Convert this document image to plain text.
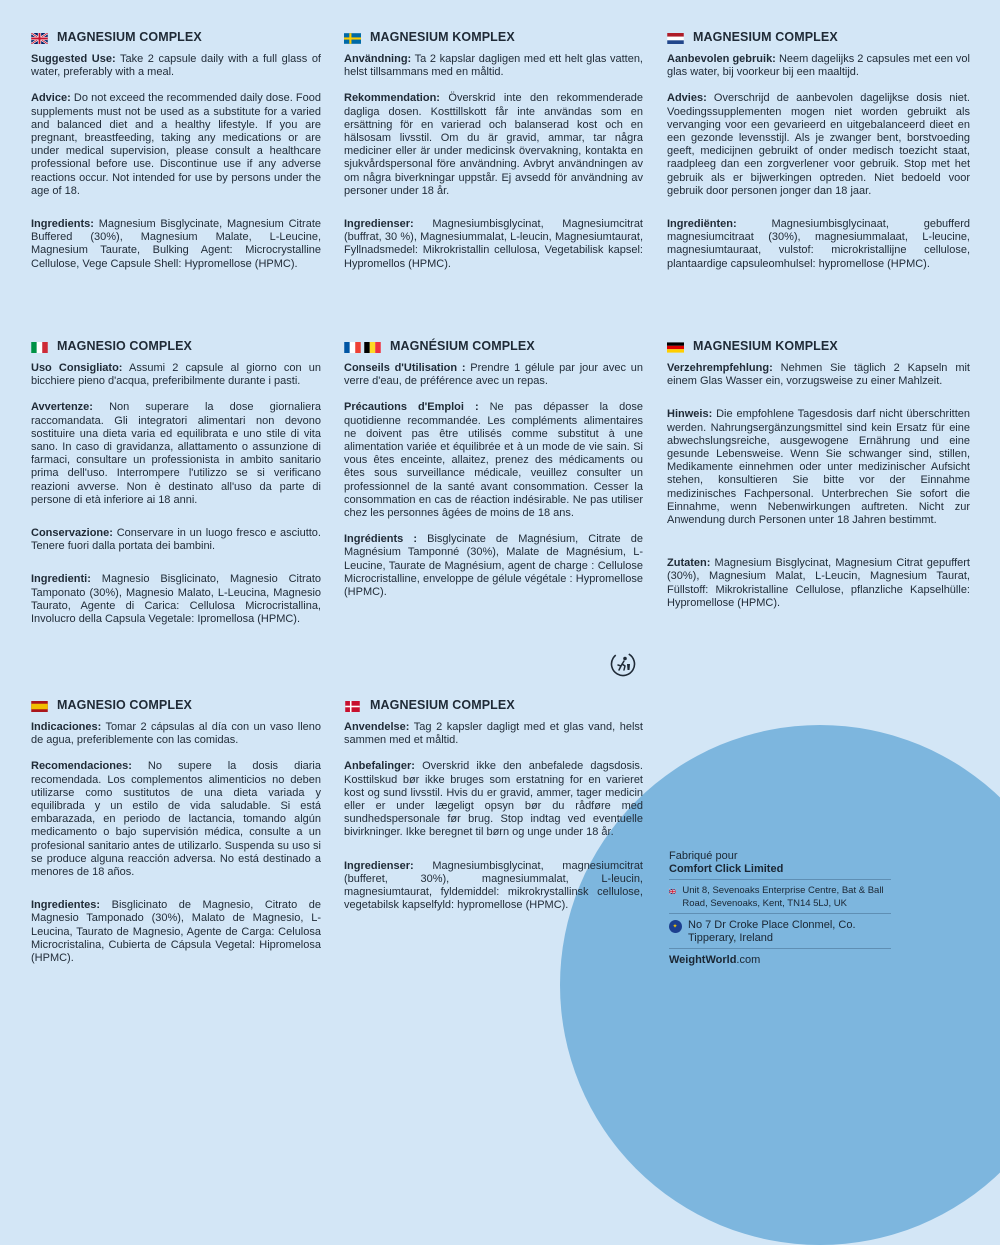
MAGNESIUM COMPLEX

Suggested Use: Take 2 capsule daily with a full glass of water, preferably with a meal.

Advice: Do not exceed the recommended daily dose. Food supplements must not be used as a substitute for a varied and balanced diet and a healthy lifestyle. If you are pregnant, breastfeeding, taking any medications or are under medical supervision, please consult a healthcare professional before use. Discontinue use if any adverse reactions occur. Not intended for use by persons under the age of 18.

Ingredients: Magnesium Bisglycinate, Magnesium Citrate Buffered (30%), Magnesium Malate, L-Leucine, Magnesium Taurate, Bulking Agent: Microcrystalline Cellulose, Vege Capsule Shell: Hypromellose (HPMC).

MAGNESIUM KOMPLEX

Användning: Ta 2 kapslar dagligen med ett helt glas vatten, helst tillsammans med en måltid.

Rekommendation: Överskrid inte den rekommenderade dagliga dosen. Kosttillskott får inte användas som en ersättning för en varierad och balanserad kost och en hälsosam livsstil. Om du är gravid, ammar, tar några mediciner eller är under medicinsk övervakning, kontakta en sjukvårdspersonal före användning. Avbryt användningen av om några biverkningar uppstår. Ej avsedd för användning av personer under 18 år.

Ingredienser: Magnesiumbisglycinat, Magnesiumcitrat (buffrat, 30 %), Magnesiummalat, L-leucin, Magnesiumtaurat, Fyllnadsmedel: Mikrokristallin cellulosa, Vegetabilisk kapsel: Hypromellos (HPMC).

MAGNESIUM COMPLEX

Aanbevolen gebruik: Neem dagelijks 2 capsules met een vol glas water, bij voorkeur bij een maaltijd.

Advies: Overschrijd de aanbevolen dagelijkse dosis niet. Voedingssupplementen mogen niet worden gebruikt als vervanging voor een gevarieerd en uitgebalanceerd dieet en een gezonde levensstijl. Als je zwanger bent, borstvoeding geeft, medicijnen gebruikt of onder medisch toezicht staat, raadpleeg dan een zorgverlener voor gebruik. Stop met het gebruik als er bijwerkingen optreden. Niet bedoeld voor gebruik door personen jonger dan 18 jaar.

Ingrediënten: Magnesiumbisglycinaat, gebufferd magnesiumcitraat (30%), magnesiummalaat, L-leucine, magnesiumtauraat, vulstof: microkristallijne cellulose, plantaardige capsuleomhulsel: hypromellose (HPMC).

MAGNESIO COMPLEX

Uso Consigliato: Assumi 2 capsule al giorno con un bicchiere pieno d'acqua, preferibilmente durante i pasti.

Avvertenze: Non superare la dose giornaliera raccomandata. Gli integratori alimentari non devono sostituire una dieta varia ed equilibrata e uno stile di vita sano. In caso di gravidanza, allattamento o assunzione di farmaci, consultare un professionista in ambito sanitario prima dell'uso. Interrompere l'utilizzo se si verificano reazioni avverse. Non è destinato all'uso da parte di persone di età inferiore ai 18 anni.

Conservazione: Conservare in un luogo fresco e asciutto. Tenere fuori dalla portata dei bambini.

Ingredienti: Magnesio Bisglicinato, Magnesio Citrato Tamponato (30%), Magnesio Malato, L-Leucina, Magnesio Taurato, Agente di Carica: Cellulosa Microcristallina, Involucro della Capsula Vegetale: Ipromellosa (HPMC).

MAGNÉSIUM COMPLEX

Conseils d'Utilisation : Prendre 1 gélule par jour avec un verre d'eau, de préférence avec un repas.

Précautions d'Emploi : Ne pas dépasser la dose quotidienne recommandée. Les compléments alimentaires ne doivent pas être utilisés comme substitut à une alimentation variée et équilibrée et à un mode de vie sain. Si vous êtes enceinte, allaitez, prenez des médicaments ou êtes sous surveillance médicale, veuillez consulter un professionnel de la santé avant consommation. Cesser la consommation en cas de réaction indésirable. Ne pas utiliser chez les personnes âgées de moins de 18 ans.

Ingrédients : Bisglycinate de Magnésium, Citrate de Magnésium Tamponné (30%), Malate de Magnésium, L-Leucine, Taurate de Magnésium, agent de charge : Cellulose Microcristalline, enveloppe de gélule végétale : Hypromellose (HPMC).

MAGNESIUM KOMPLEX

Verzehrempfehlung: Nehmen Sie täglich 2 Kapseln mit einem Glas Wasser ein, vorzugsweise zu einer Mahlzeit.

Hinweis: Die empfohlene Tagesdosis darf nicht überschritten werden. Nahrungsergänzungsmittel sind kein Ersatz für eine abwechslungsreiche, ausgewogene Ernährung und eine gesunde Lebensweise. Wenn Sie schwanger sind, stillen, Medikamente einnehmen oder unter medizinischer Aufsicht stehen, konsultieren Sie bitte vor der Einnahme medizinisches Fachpersonal. Unterbrechen Sie sofort die Einnahme, wenn Nebenwirkungen auftreten. Nicht zur Anwendung durch Personen unter 18 Jahren bestimmt.

Zutaten: Magnesium Bisglycinat, Magnesium Citrat gepuffert (30%), Magnesium Malat, L-Leucin, Magnesium Taurat, Füllstoff: Mikrokristalline Cellulose, pflanzliche Kapselhülle: Hypromellose (HPMC).

MAGNESIO COMPLEX

Indicaciones: Tomar 2 cápsulas al día con un vaso lleno de agua, preferiblemente con las comidas.

Recomendaciones: No supere la dosis diaria recomendada. Los complementos alimenticios no deben utilizarse como sustitutos de una dieta variada y equilibrada y un estilo de vida saludable. Si está embarazada, en periodo de lactancia, tomando algún medicamento o bajo supervisión médica, consulte a un profesional sanitario antes de utilizarlo. Suspenda su uso si se produce alguna reacción adversa. No está destinado a menores de 18 años.

Ingredientes: Bisglicinato de Magnesio, Citrato de Magnesio Tamponado (30%), Malato de Magnesio, L-Leucina, Taurato de Magnesio, Agente de Carga: Celulosa Microcristalina, Cubierta de Cápsula Vegetal: Hipromelosa (HPMC).

MAGNESIUM COMPLEX

Anvendelse: Tag 2 kapsler dagligt med et glas vand, helst sammen med et måltid.

Anbefalinger: Overskrid ikke den anbefalede dagsdosis. Kosttilskud bør ikke bruges som erstatning for en varieret kost og sund livsstil. Hvis du er gravid, ammer, tager medicin eller er under lægeligt opsyn bør du rådføre med sundhedspersonale før brug. Stop indtag ved eventuelle bivirkninger. Ikke beregnet til børn og unge under 18 år.

Ingredienser: Magnesiumbisglycinat, magnesiumcitrat (bufferet, 30%), magnesiummalat, L-leucin, magnesiumtaurat, fyldemiddel: mikrokrystallinsk cellulose, vegetabilsk kapselfyld: hypromellose (HPMC).

Fabriqué pour
Comfort Click Limited
Unit 8, Sevenoaks Enterprise Centre, Bat & Ball Road, Sevenoaks, Kent, TN14 5LJ, UK
✦
No 7 Dr Croke Place Clonmel, Co. Tipperary, Ireland
WeightWorld.com
